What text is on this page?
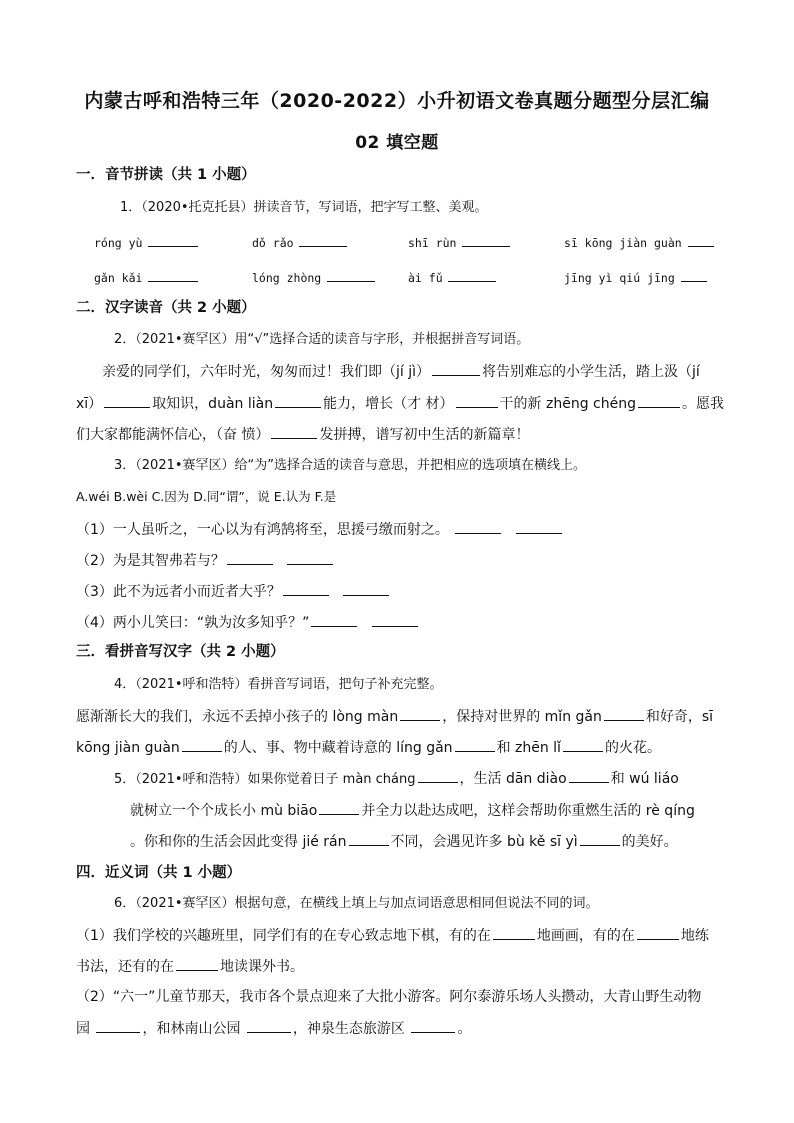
内蒙古呼和浩特三年（2020-2022）小升初语文卷真题分题型分层汇编
02 填空题
一．音节拼读（共 1 小题）
1．（2020•托克托县）拼读音节，写词语，把字写工整、美观。
róng yù	dǒ rǎo	shī rùn	sī kōng jiàn guàn
gǎn kǎi	lóng zhòng	ài fǔ	jīng yì qiú jīng
二．汉字读音（共 2 小题）
2．（2021•赛罕区）用“√”选择合适的读音与字形，并根据拼音写词语。
亲爱的同学们，六年时光，匆匆而过！我们即（jí jì）	将告别难忘的小学生活，踏上汲（jí
xī）	取知识，duàn liàn	能力，增长（才 材）	干的新 zhēng chéng	。愿我
们大家都能满怀信心，（奋 愤）	发拼搏，谱写初中生活的新篇章！
3．（2021•赛罕区）给“为”选择合适的读音与意思，并把相应的选项填在横线上。
A.wéi B.wèi C.因为 D.同“谓”，说 E.认为 F.是
（1）一人虽听之，一心以为有鸿鹄将至，思援弓缴而射之。
（2）为是其智弗若与？
（3）此不为远者小而近者大乎？
（4）两小儿笑曰：“孰为汝多知乎？”
三．看拼音写汉字（共 2 小题）
4．（2021•呼和浩特）看拼音写词语，把句子补充完整。
愿渐渐长大的我们，永远不丢掉小孩子的 lòng màn	，保持对世界的 mǐn gǎn	和好奇，sī
kōng jiàn guàn	的人、事、物中藏着诗意的 líng gǎn	和 zhēn lǐ	的火花。
5．（2021•呼和浩特）如果你觉着日子 màn cháng	，生活 dān diào	和 wú liáo
就树立一个个成长小 mù biāo	并全力以赴达成吧，这样会帮助你重燃生活的 rè qíng
。你和你的生活会因此变得 jié rán	不同，会遇见许多 bù kě sī yì	的美好。
四．近义词（共 1 小题）
6．（2021•赛罕区）根据句意，在横线上填上与加点词语意思相同但说法不同的词。
（1）我们学校的兴趣班里，同学们有的在专心致志地下棋，有的在	地画画，有的在	地练
书法，还有的在	地读课外书。
（2）“六一”儿童节那天，我市各个景点迎来了大批小游客。阿尔泰游乐场人头攒动，大青山野生动物
园	，和林南山公园	，神泉生态旅游区	。
